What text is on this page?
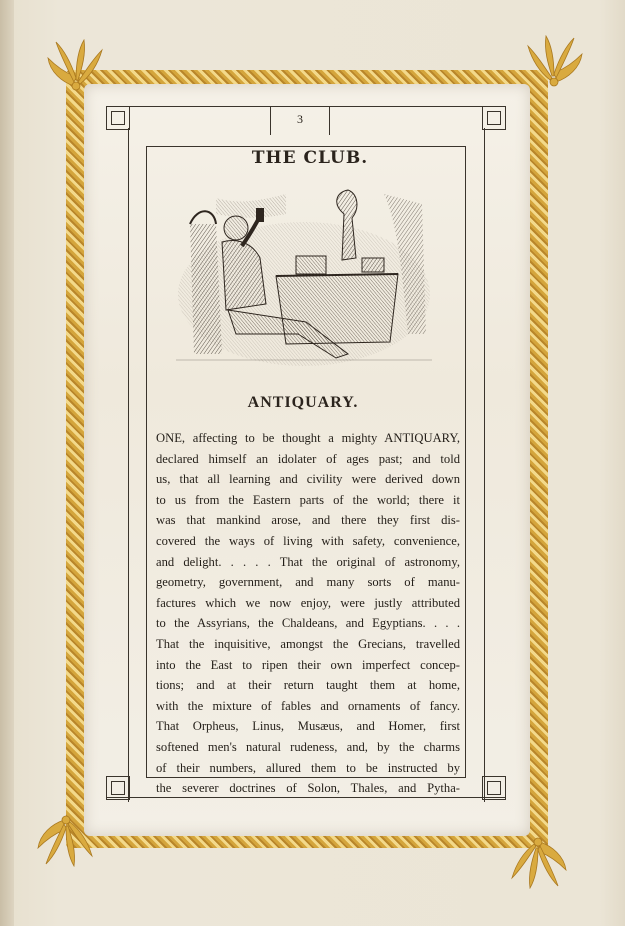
3
THE CLUB.
ANTIQUARY.
ONE, affecting to be thought a mighty ANTIQUARY,
declared himself an idolater of ages past; and told
us, that all learning and civility were derived down
to us from the Eastern parts of the world; there it
was that mankind arose, and there they first dis-
covered the ways of living with safety, convenience,
and delight. . . . . That the original of astronomy,
geometry, government, and many sorts of manu-
factures which we now enjoy, were justly attributed
to the Assyrians, the Chaldeans, and Egyptians. . . .
That the inquisitive, amongst the Grecians, travelled
into the East to ripen their own imperfect concep-
tions; and at their return taught them at home,
with the mixture of fables and ornaments of fancy.
That Orpheus, Linus, Musæus, and Homer, first
softened men's natural rudeness, and, by the charms
of their numbers, allured them to be instructed by
the severer doctrines of Solon, Thales, and Pytha-
